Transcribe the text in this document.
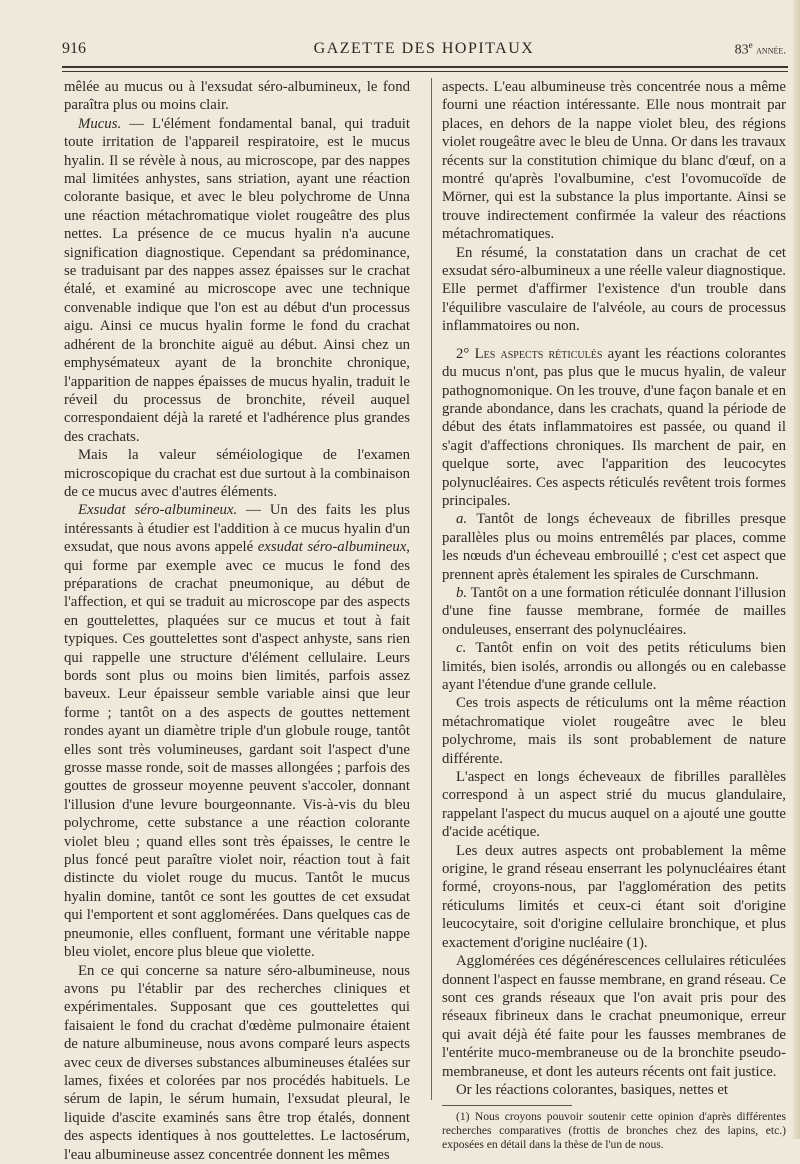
916	GAZETTE DES HOPITAUX	83e année.

mêlée au mucus ou à l'exsudat séro-albumineux, le fond paraîtra plus ou moins clair.

Mucus. — L'élément fondamental banal, qui traduit toute irritation de l'appareil respiratoire, est le mucus hyalin. Il se révèle à nous, au microscope, par des nappes mal limitées anhystes, sans striation, ayant une réaction colorante basique, et avec le bleu polychrome de Unna une réaction métachromatique violet rougeâtre des plus nettes. La présence de ce mucus hyalin n'a aucune signification diagnostique. Cependant sa prédominance, se traduisant par des nappes assez épaisses sur le crachat étalé, et examiné au microscope avec une technique convenable indique que l'on est au début d'un processus aigu. Ainsi ce mucus hyalin forme le fond du crachat adhérent de la bronchite aiguë au début. Ainsi chez un emphysémateux ayant de la bronchite chronique, l'apparition de nappes épaisses de mucus hyalin, traduit le réveil du processus de bronchite, réveil auquel correspondaient déjà la rareté et l'adhérence plus grandes des crachats.

Mais la valeur séméiologique de l'examen microscopique du crachat est due surtout à la combinaison de ce mucus avec d'autres éléments.

Exsudat séro-albumineux. — Un des faits les plus intéressants à étudier est l'addition à ce mucus hyalin d'un exsudat, que nous avons appelé exsudat séro-albumineux, qui forme par exemple avec ce mucus le fond des préparations de crachat pneumonique, au début de l'affection, et qui se traduit au microscope par des aspects en gouttelettes, plaquées sur ce mucus et tout à fait typiques. Ces gouttelettes sont d'aspect anhyste, sans rien qui rappelle une structure d'élément cellulaire. Leurs bords sont plus ou moins bien limités, parfois assez baveux. Leur épaisseur semble variable ainsi que leur forme ; tantôt on a des aspects de gouttes nettement rondes ayant un diamètre triple d'un globule rouge, tantôt elles sont très volumineuses, gardant soit l'aspect d'une grosse masse ronde, soit de masses allongées ; parfois des gouttes de grosseur moyenne peuvent s'accoler, donnant l'illusion d'une levure bourgeonnante. Vis-à-vis du bleu polychrome, cette substance a une réaction colorante violet bleu ; quand elles sont très épaisses, le centre le plus foncé peut paraître violet noir, réaction tout à fait distincte du violet rouge du mucus. Tantôt le mucus hyalin domine, tantôt ce sont les gouttes de cet exsudat qui l'emportent et sont agglomérées. Dans quelques cas de pneumonie, elles confluent, formant une véritable nappe bleu violet, encore plus bleue que violette.

En ce qui concerne sa nature séro-albumineuse, nous avons pu l'établir par des recherches cliniques et expérimentales. Supposant que ces gouttelettes qui faisaient le fond du crachat d'œdème pulmonaire étaient de nature albumineuse, nous avons comparé leurs aspects avec ceux de diverses substances albumineuses étalées sur lames, fixées et colorées par nos procédés habituels. Le sérum de lapin, le sérum humain, l'exsudat pleural, le liquide d'ascite examinés sans être trop étalés, donnent des aspects identiques à nos gouttelettes. Le lactosérum, l'eau albumineuse assez concentrée donnent les mêmes

aspects. L'eau albumineuse très concentrée nous a même fourni une réaction intéressante. Elle nous montrait par places, en dehors de la nappe violet bleu, des régions violet rougeâtre avec le bleu de Unna. Or dans les travaux récents sur la constitution chimique du blanc d'œuf, on a montré qu'après l'ovalbumine, c'est l'ovomucoïde de Mörner, qui est la substance la plus importante. Ainsi se trouve indirectement confirmée la valeur des réactions métachromatiques.

En résumé, la constatation dans un crachat de cet exsudat séro-albumineux a une réelle valeur diagnostique. Elle permet d'affirmer l'existence d'un trouble dans l'équilibre vasculaire de l'alvéole, au cours de processus inflammatoires ou non.

2° Les aspects réticulés ayant les réactions colorantes du mucus n'ont, pas plus que le mucus hyalin, de valeur pathognomonique. On les trouve, d'une façon banale et en grande abondance, dans les crachats, quand la période de début des états inflammatoires est passée, ou quand il s'agit d'affections chroniques. Ils marchent de pair, en quelque sorte, avec l'apparition des leucocytes polynucléaires. Ces aspects réticulés revêtent trois formes principales.

a. Tantôt de longs écheveaux de fibrilles presque parallèles plus ou moins entremêlés par places, comme les nœuds d'un écheveau embrouillé ; c'est cet aspect que prennent après étalement les spirales de Curschmann.

b. Tantôt on a une formation réticulée donnant l'illusion d'une fine fausse membrane, formée de mailles onduleuses, enserrant des polynucléaires.

c. Tantôt enfin on voit des petits réticulums bien limités, bien isolés, arrondis ou allongés ou en calebasse ayant l'étendue d'une grande cellule.

Ces trois aspects de réticulums ont la même réaction métachromatique violet rougeâtre avec le bleu polychrome, mais ils sont probablement de nature différente.

L'aspect en longs écheveaux de fibrilles parallèles correspond à un aspect strié du mucus glandulaire, rappelant l'aspect du mucus auquel on a ajouté une goutte d'acide acétique.

Les deux autres aspects ont probablement la même origine, le grand réseau enserrant les polynucléaires étant formé, croyons-nous, par l'agglomération des petits réticulums limités et ceux-ci étant soit d'origine leucocytaire, soit d'origine cellulaire bronchique, et plus exactement d'origine nucléaire (1).

Agglomérées ces dégénérescences cellulaires réticulées donnent l'aspect en fausse membrane, en grand réseau. Ce sont ces grands réseaux que l'on avait pris pour des réseaux fibrineux dans le crachat pneumonique, erreur qui avait déjà été faite pour les fausses membranes de l'entérite muco-membraneuse ou de la bronchite pseudo-membraneuse, et dont les auteurs récents ont fait justice.

Or les réactions colorantes, basiques, nettes et

(1) Nous croyons pouvoir soutenir cette opinion d'après différentes recherches comparatives (frottis de bronches chez des lapins, etc.) exposées en détail dans la thèse de l'un de nous.
